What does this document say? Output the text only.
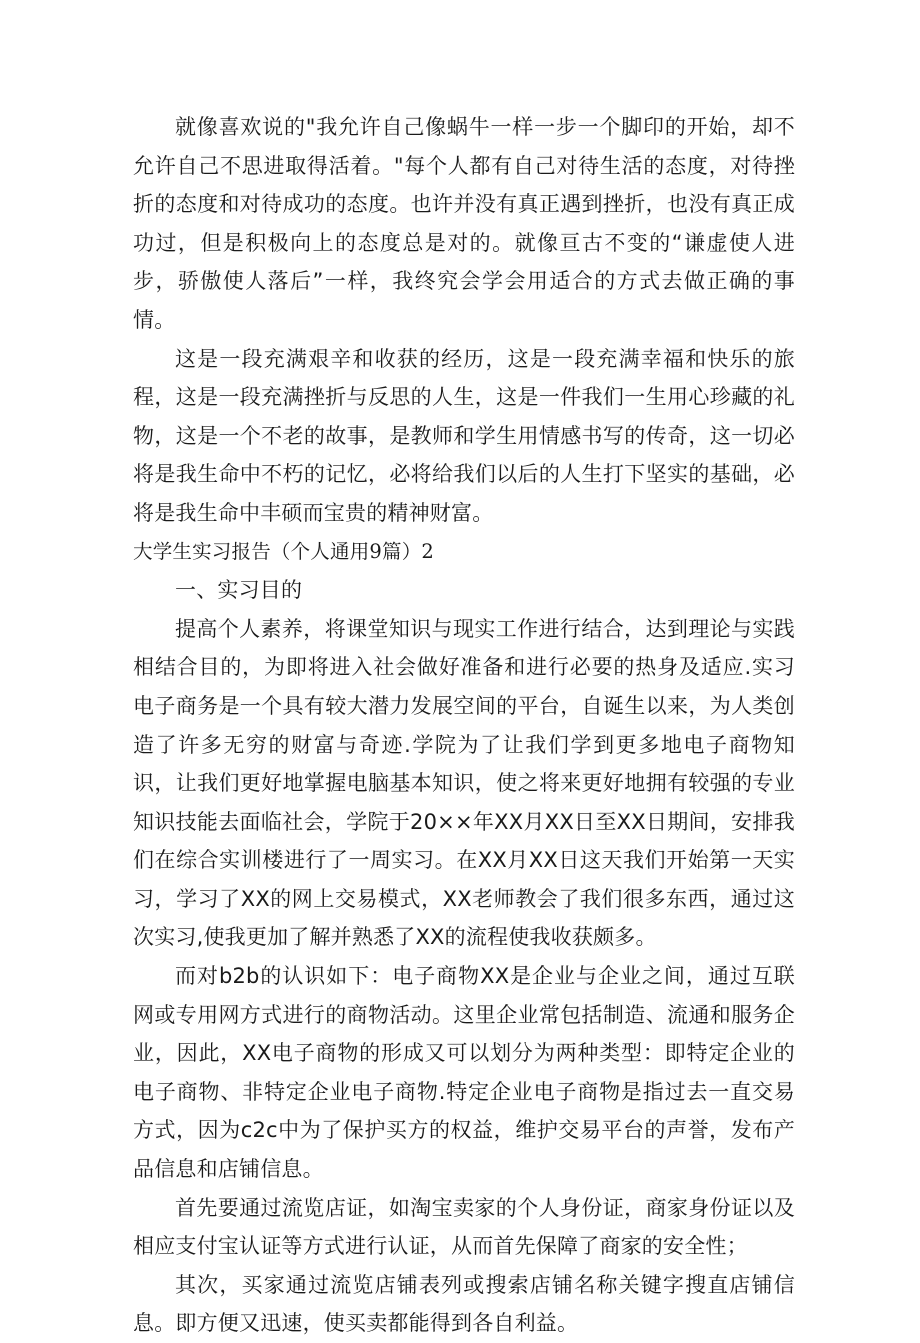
就像喜欢说的"我允许自己像蜗牛一样一步一个脚印的开始，却不允许自己不思进取得活着。"每个人都有自己对待生活的态度，对待挫折的态度和对待成功的态度。也许并没有真正遇到挫折，也没有真正成功过，但是积极向上的态度总是对的。就像亘古不变的“谦虚使人进步，骄傲使人落后”一样，我终究会学会用适合的方式去做正确的事情。

这是一段充满艰辛和收获的经历，这是一段充满幸福和快乐的旅程，这是一段充满挫折与反思的人生，这是一件我们一生用心珍藏的礼物，这是一个不老的故事，是教师和学生用情感书写的传奇，这一切必将是我生命中不朽的记忆，必将给我们以后的人生打下坚实的基础，必将是我生命中丰硕而宝贵的精神财富。

大学生实习报告（个人通用9篇）2

一、实习目的

提高个人素养，将课堂知识与现实工作进行结合，达到理论与实践相结合目的，为即将进入社会做好准备和进行必要的热身及适应.实习电子商务是一个具有较大潜力发展空间的平台，自诞生以来，为人类创造了许多无穷的财富与奇迹.学院为了让我们学到更多地电子商物知识，让我们更好地掌握电脑基本知识，使之将来更好地拥有较强的专业知识技能去面临社会，学院于20××年XX月XX日至XX日期间，安排我们在综合实训楼进行了一周实习。在XX月XX日这天我们开始第一天实习，学习了XX的网上交易模式，XX老师教会了我们很多东西，通过这次实习,使我更加了解并熟悉了XX的流程使我收获颇多。

而对b2b的认识如下：电子商物XX是企业与企业之间，通过互联网或专用网方式进行的商物活动。这里企业常包括制造、流通和服务企业，因此，XX电子商物的形成又可以划分为两种类型：即特定企业的电子商物、非特定企业电子商物.特定企业电子商物是指过去一直交易方式，因为c2c中为了保护买方的权益，维护交易平台的声誉，发布产品信息和店铺信息。

首先要通过流览店证，如淘宝卖家的个人身份证，商家身份证以及相应支付宝认证等方式进行认证，从而首先保障了商家的安全性；

其次，买家通过流览店铺表列或搜索店铺名称关键字搜直店铺信息。即方便又迅速，使买卖都能得到各自利益。
